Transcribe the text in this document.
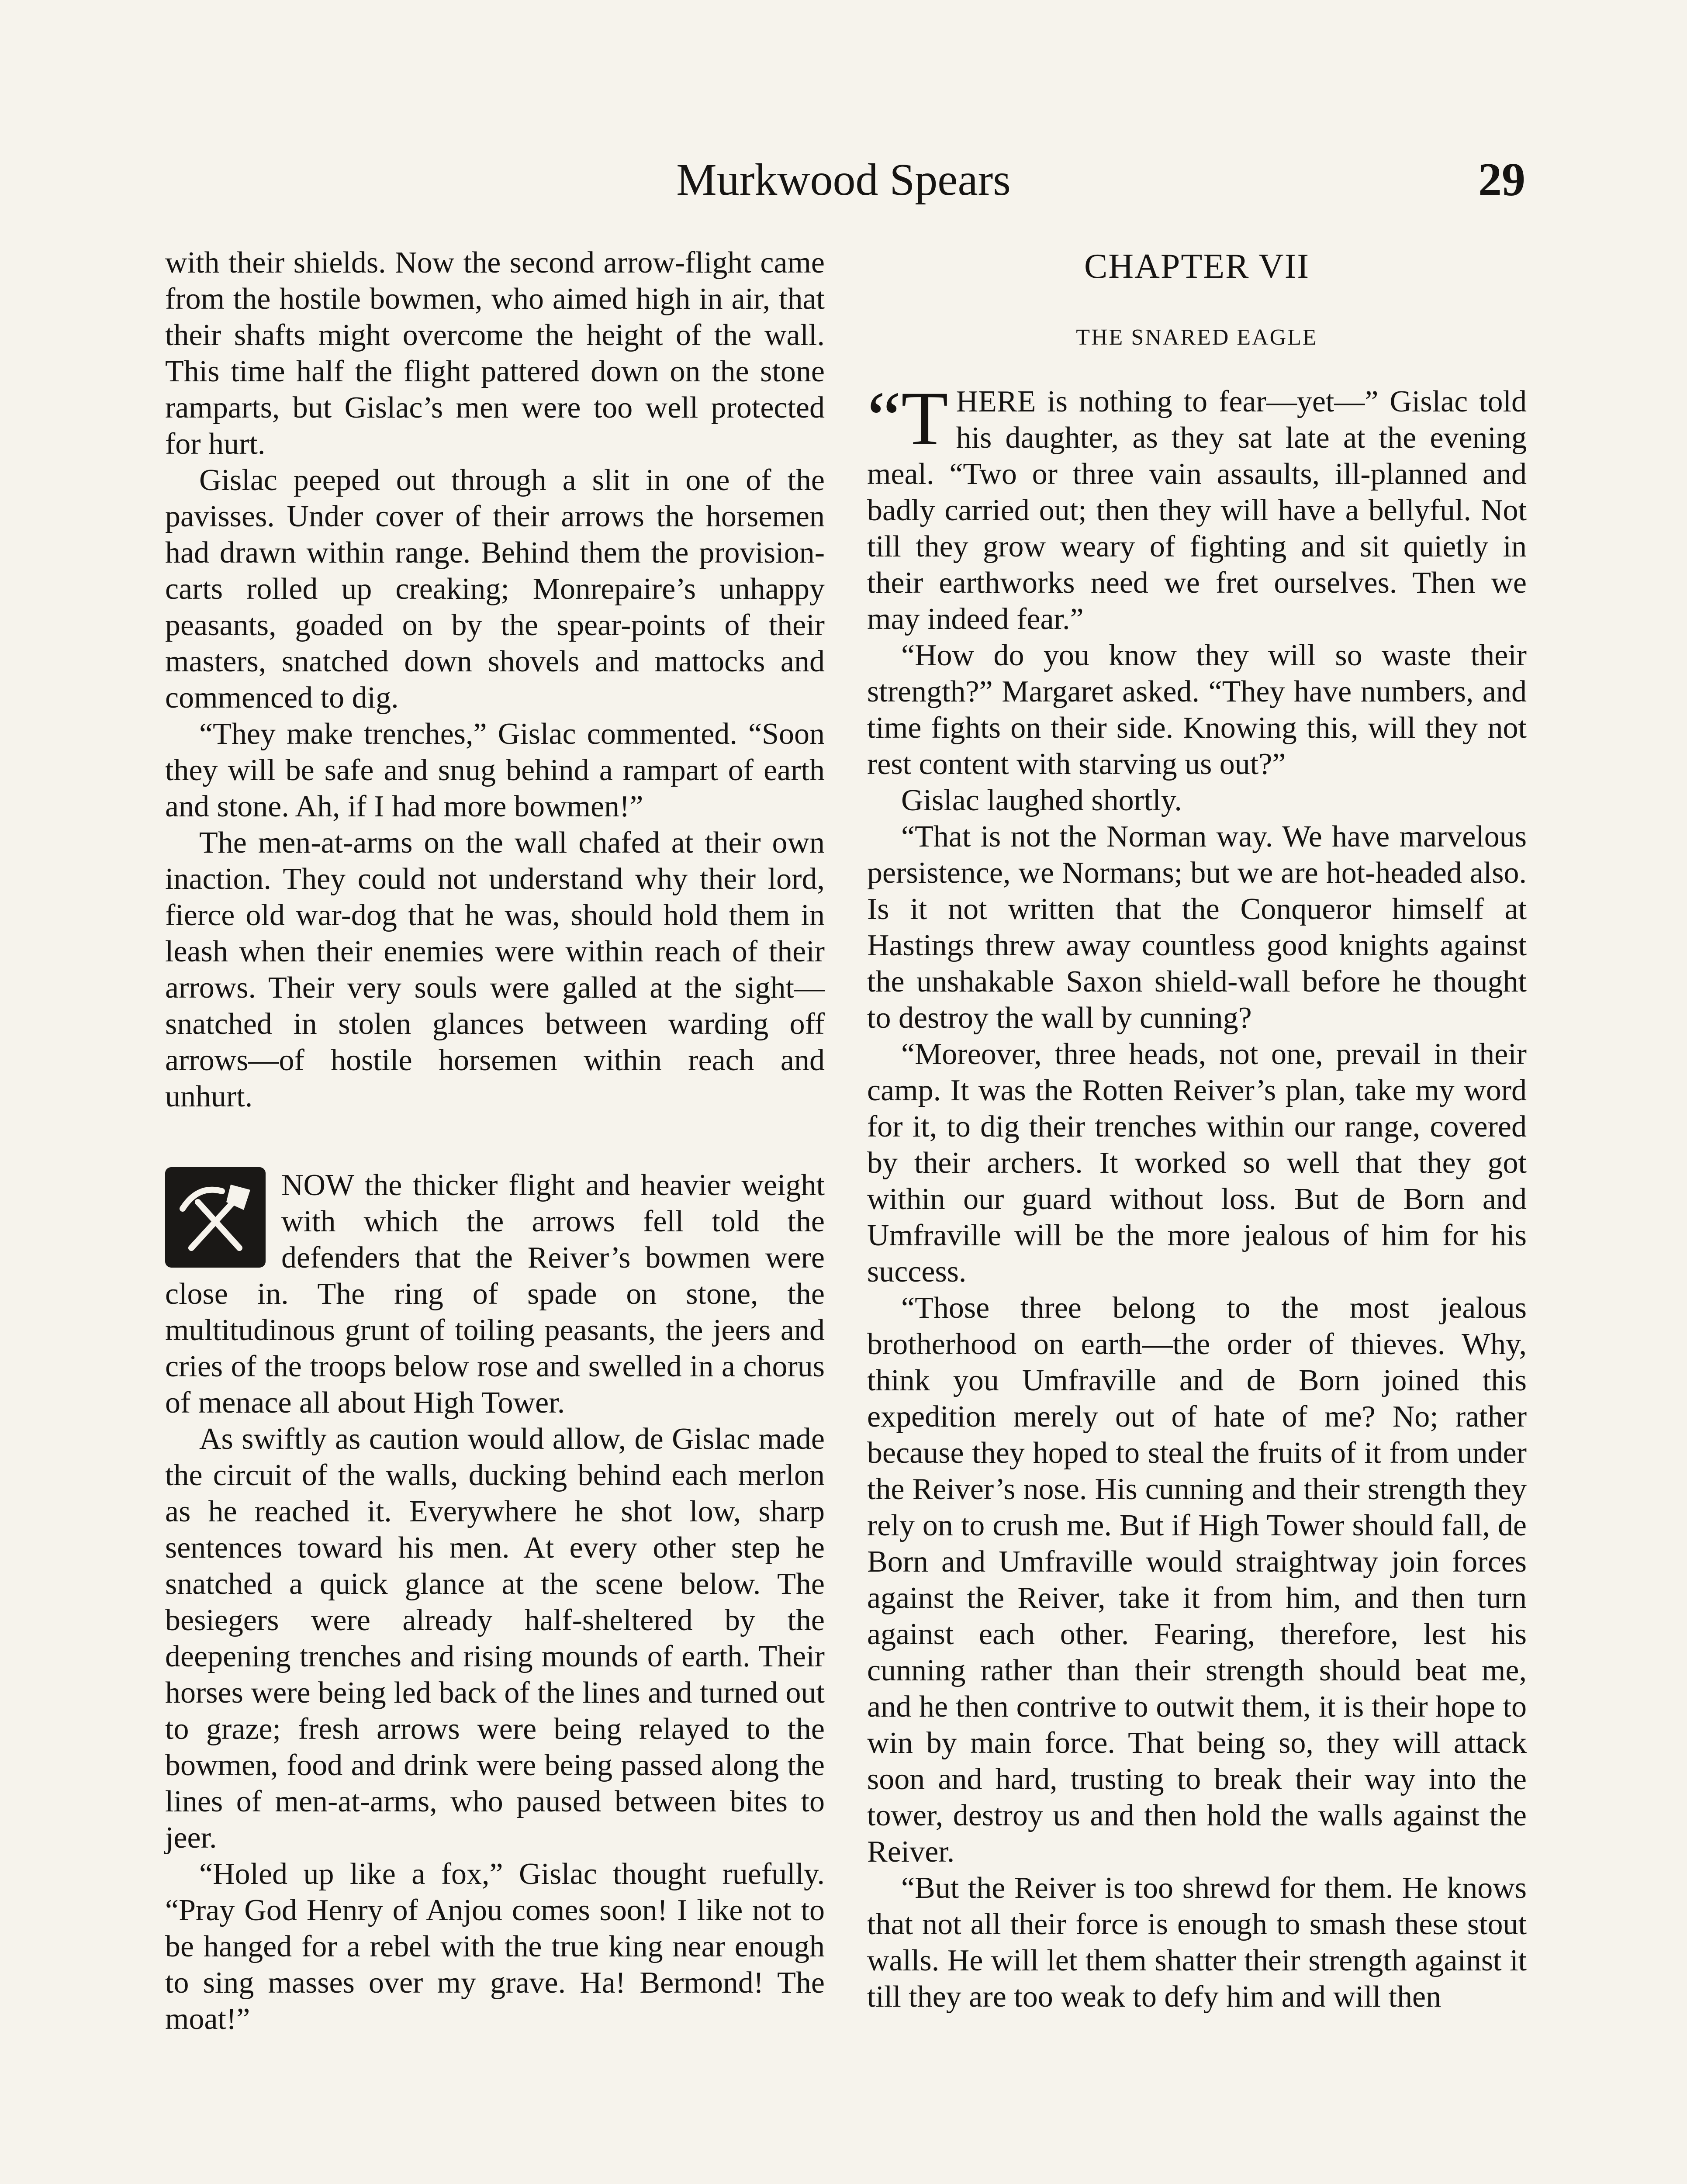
Murkwood Spears	29

with their shields. Now the second arrow-flight came from the hostile bowmen, who aimed high in air, that their shafts might overcome the height of the wall. This time half the flight pattered down on the stone ramparts, but Gislac’s men were too well protected for hurt.

Gislac peeped out through a slit in one of the pavisses. Under cover of their arrows the horsemen had drawn within range. Behind them the provision-carts rolled up creaking; Monrepaire’s unhappy peasants, goaded on by the spear-points of their masters, snatched down shovels and mattocks and commenced to dig.

“They make trenches,” Gislac commented. “Soon they will be safe and snug behind a rampart of earth and stone. Ah, if I had more bowmen!”

The men-at-arms on the wall chafed at their own inaction. They could not understand why their lord, fierce old war-dog that he was, should hold them in leash when their enemies were within reach of their arrows. Their very souls were galled at the sight—snatched in stolen glances between warding off arrows—of hostile horsemen within reach and unhurt.

NOW the thicker flight and heavier weight with which the arrows fell told the defenders that the Reiver’s bowmen were close in. The ring of spade on stone, the multitudinous grunt of toiling peasants, the jeers and cries of the troops below rose and swelled in a chorus of menace all about High Tower.

As swiftly as caution would allow, de Gislac made the circuit of the walls, ducking behind each merlon as he reached it. Everywhere he shot low, sharp sentences toward his men. At every other step he snatched a quick glance at the scene below. The besiegers were already half-sheltered by the deepening trenches and rising mounds of earth. Their horses were being led back of the lines and turned out to graze; fresh arrows were being relayed to the bowmen, food and drink were being passed along the lines of men-at-arms, who paused between bites to jeer.

“Holed up like a fox,” Gislac thought ruefully. “Pray God Henry of Anjou comes soon! I like not to be hanged for a rebel with the true king near enough to sing masses over my grave. Ha! Bermond! The moat!”

CHAPTER VII
THE SNARED EAGLE

“THERE is nothing to fear—yet—” Gislac told his daughter, as they sat late at the evening meal. “Two or three vain assaults, ill-planned and badly carried out; then they will have a bellyful. Not till they grow weary of fighting and sit quietly in their earthworks need we fret ourselves. Then we may indeed fear.”

“How do you know they will so waste their strength?” Margaret asked. “They have numbers, and time fights on their side. Knowing this, will they not rest content with starving us out?”

Gislac laughed shortly.

“That is not the Norman way. We have marvelous persistence, we Normans; but we are hot-headed also. Is it not written that the Conqueror himself at Hastings threw away countless good knights against the unshakable Saxon shield-wall before he thought to destroy the wall by cunning?

“Moreover, three heads, not one, prevail in their camp. It was the Rotten Reiver’s plan, take my word for it, to dig their trenches within our range, covered by their archers. It worked so well that they got within our guard without loss. But de Born and Umfraville will be the more jealous of him for his success.

“Those three belong to the most jealous brotherhood on earth—the order of thieves. Why, think you Umfraville and de Born joined this expedition merely out of hate of me? No; rather because they hoped to steal the fruits of it from under the Reiver’s nose. His cunning and their strength they rely on to crush me. But if High Tower should fall, de Born and Umfraville would straightway join forces against the Reiver, take it from him, and then turn against each other. Fearing, therefore, lest his cunning rather than their strength should beat me, and he then contrive to outwit them, it is their hope to win by main force. That being so, they will attack soon and hard, trusting to break their way into the tower, destroy us and then hold the walls against the Reiver.

“But the Reiver is too shrewd for them. He knows that not all their force is enough to smash these stout walls. He will let them shatter their strength against it till they are too weak to defy him and will then
